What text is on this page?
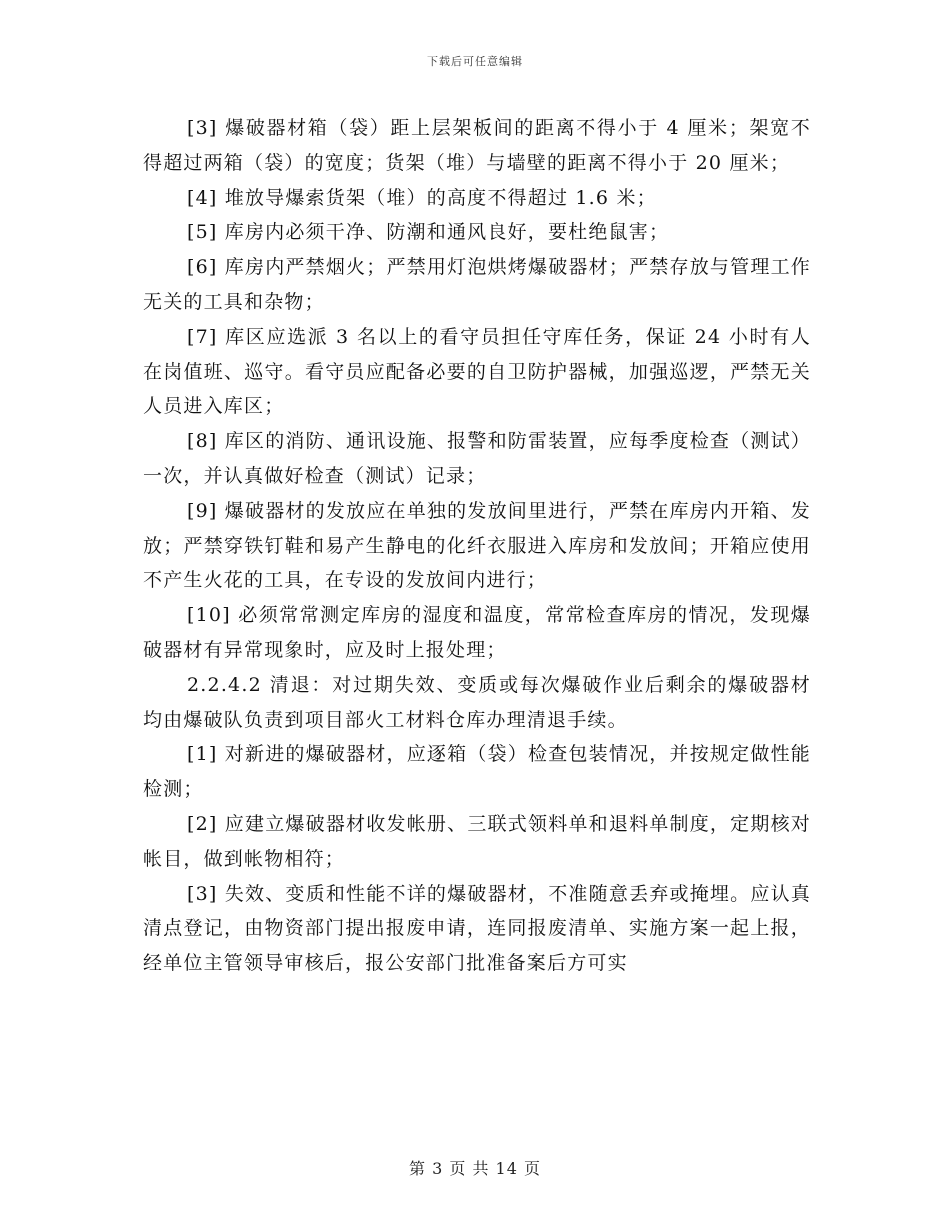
下载后可任意编辑

[3] 爆破器材箱（袋）距上层架板间的距离不得小于 4 厘米；架宽不得超过两箱（袋）的宽度；货架（堆）与墙壁的距离不得小于 20 厘米；

[4] 堆放导爆索货架（堆）的高度不得超过 1.6 米；

[5] 库房内必须干净、防潮和通风良好，要杜绝鼠害；

[6] 库房内严禁烟火；严禁用灯泡烘烤爆破器材；严禁存放与管理工作无关的工具和杂物；

[7] 库区应选派 3 名以上的看守员担任守库任务，保证 24 小时有人在岗值班、巡守。看守员应配备必要的自卫防护器械，加强巡逻，严禁无关人员进入库区；

[8] 库区的消防、通讯设施、报警和防雷装置，应每季度检查（测试）一次，并认真做好检查（测试）记录；

[9] 爆破器材的发放应在单独的发放间里进行，严禁在库房内开箱、发放；严禁穿铁钉鞋和易产生静电的化纤衣服进入库房和发放间；开箱应使用不产生火花的工具，在专设的发放间内进行；

[10] 必须常常测定库房的湿度和温度，常常检查库房的情况，发现爆破器材有异常现象时，应及时上报处理；

2.2.4.2 清退：对过期失效、变质或每次爆破作业后剩余的爆破器材均由爆破队负责到项目部火工材料仓库办理清退手续。

[1] 对新进的爆破器材，应逐箱（袋）检查包装情况，并按规定做性能检测；

[2] 应建立爆破器材收发帐册、三联式领料单和退料单制度，定期核对帐目，做到帐物相符；

[3] 失效、变质和性能不详的爆破器材，不准随意丢弃或掩埋。应认真清点登记，由物资部门提出报废申请，连同报废清单、实施方案一起上报，经单位主管领导审核后，报公安部门批准备案后方可实

第 3 页 共 14 页
